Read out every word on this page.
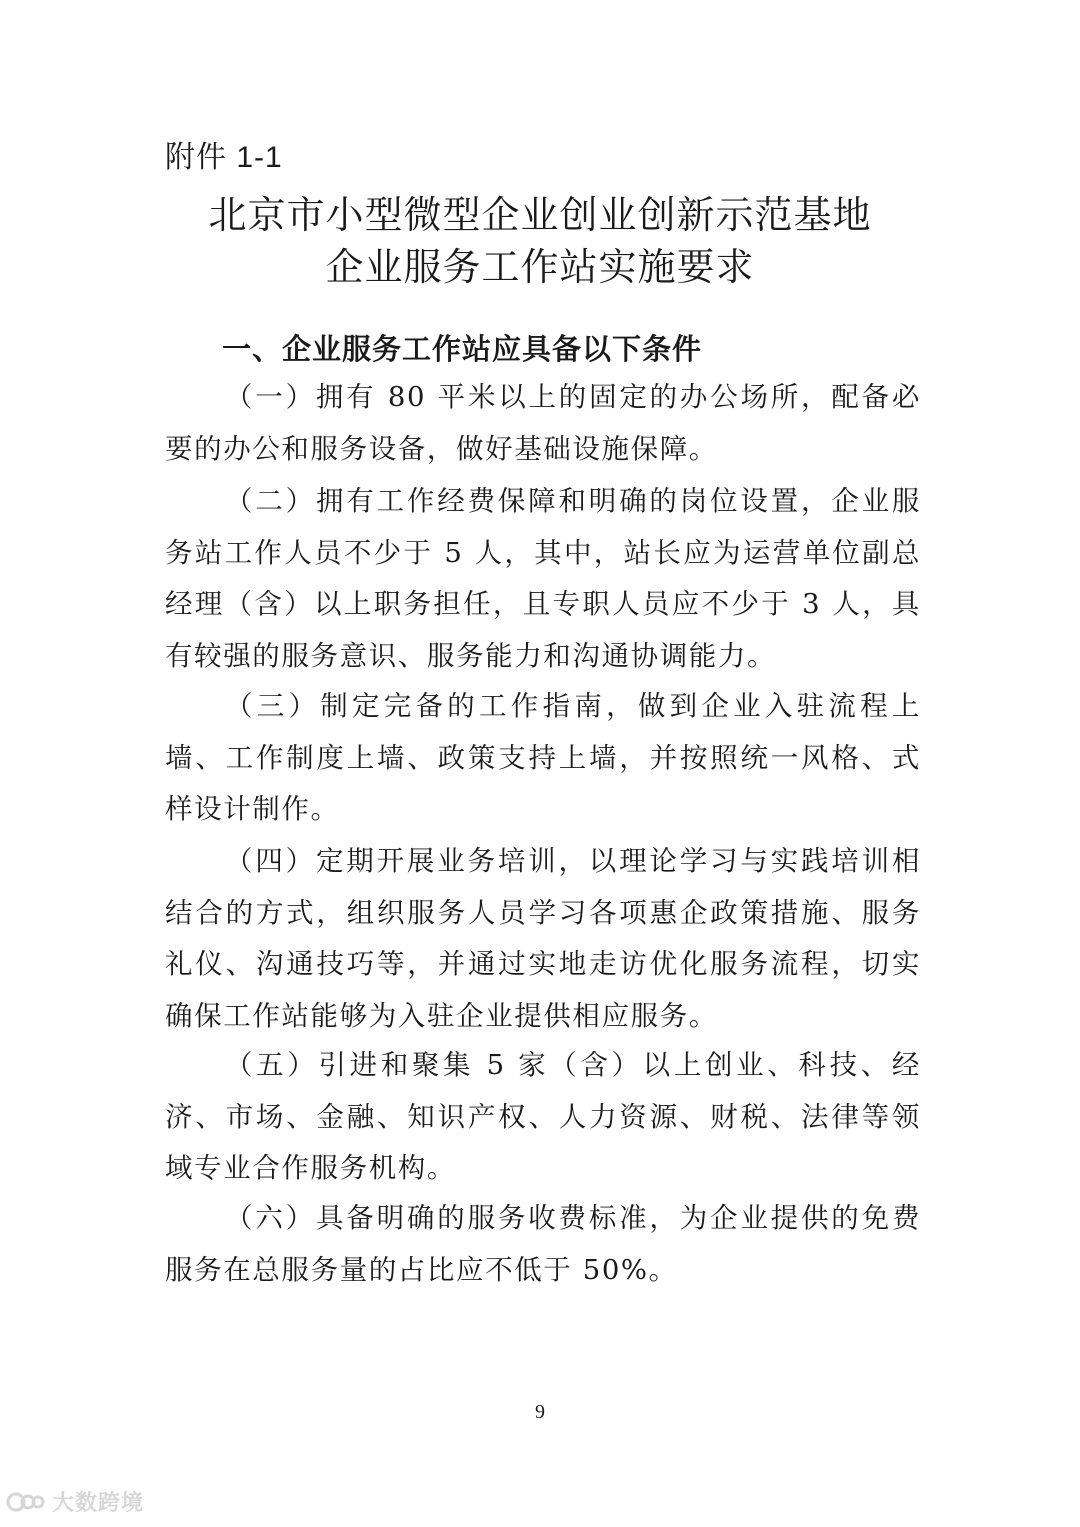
附件 1-1
北京市小型微型企业创业创新示范基地
企业服务工作站实施要求
一、企业服务工作站应具备以下条件
（一）拥有 80 平米以上的固定的办公场所，配备必要的办公和服务设备，做好基础设施保障。
（二）拥有工作经费保障和明确的岗位设置，企业服务站工作人员不少于 5 人，其中，站长应为运营单位副总经理（含）以上职务担任，且专职人员应不少于 3 人，具有较强的服务意识、服务能力和沟通协调能力。
（三）制定完备的工作指南，做到企业入驻流程上墙、工作制度上墙、政策支持上墙，并按照统一风格、式样设计制作。
（四）定期开展业务培训，以理论学习与实践培训相结合的方式，组织服务人员学习各项惠企政策措施、服务礼仪、沟通技巧等，并通过实地走访优化服务流程，切实确保工作站能够为入驻企业提供相应服务。
（五）引进和聚集 5 家（含）以上创业、科技、经济、市场、金融、知识产权、人力资源、财税、法律等领域专业合作服务机构。
（六）具备明确的服务收费标准，为企业提供的免费服务在总服务量的占比应不低于 50%。
9
大数跨境
